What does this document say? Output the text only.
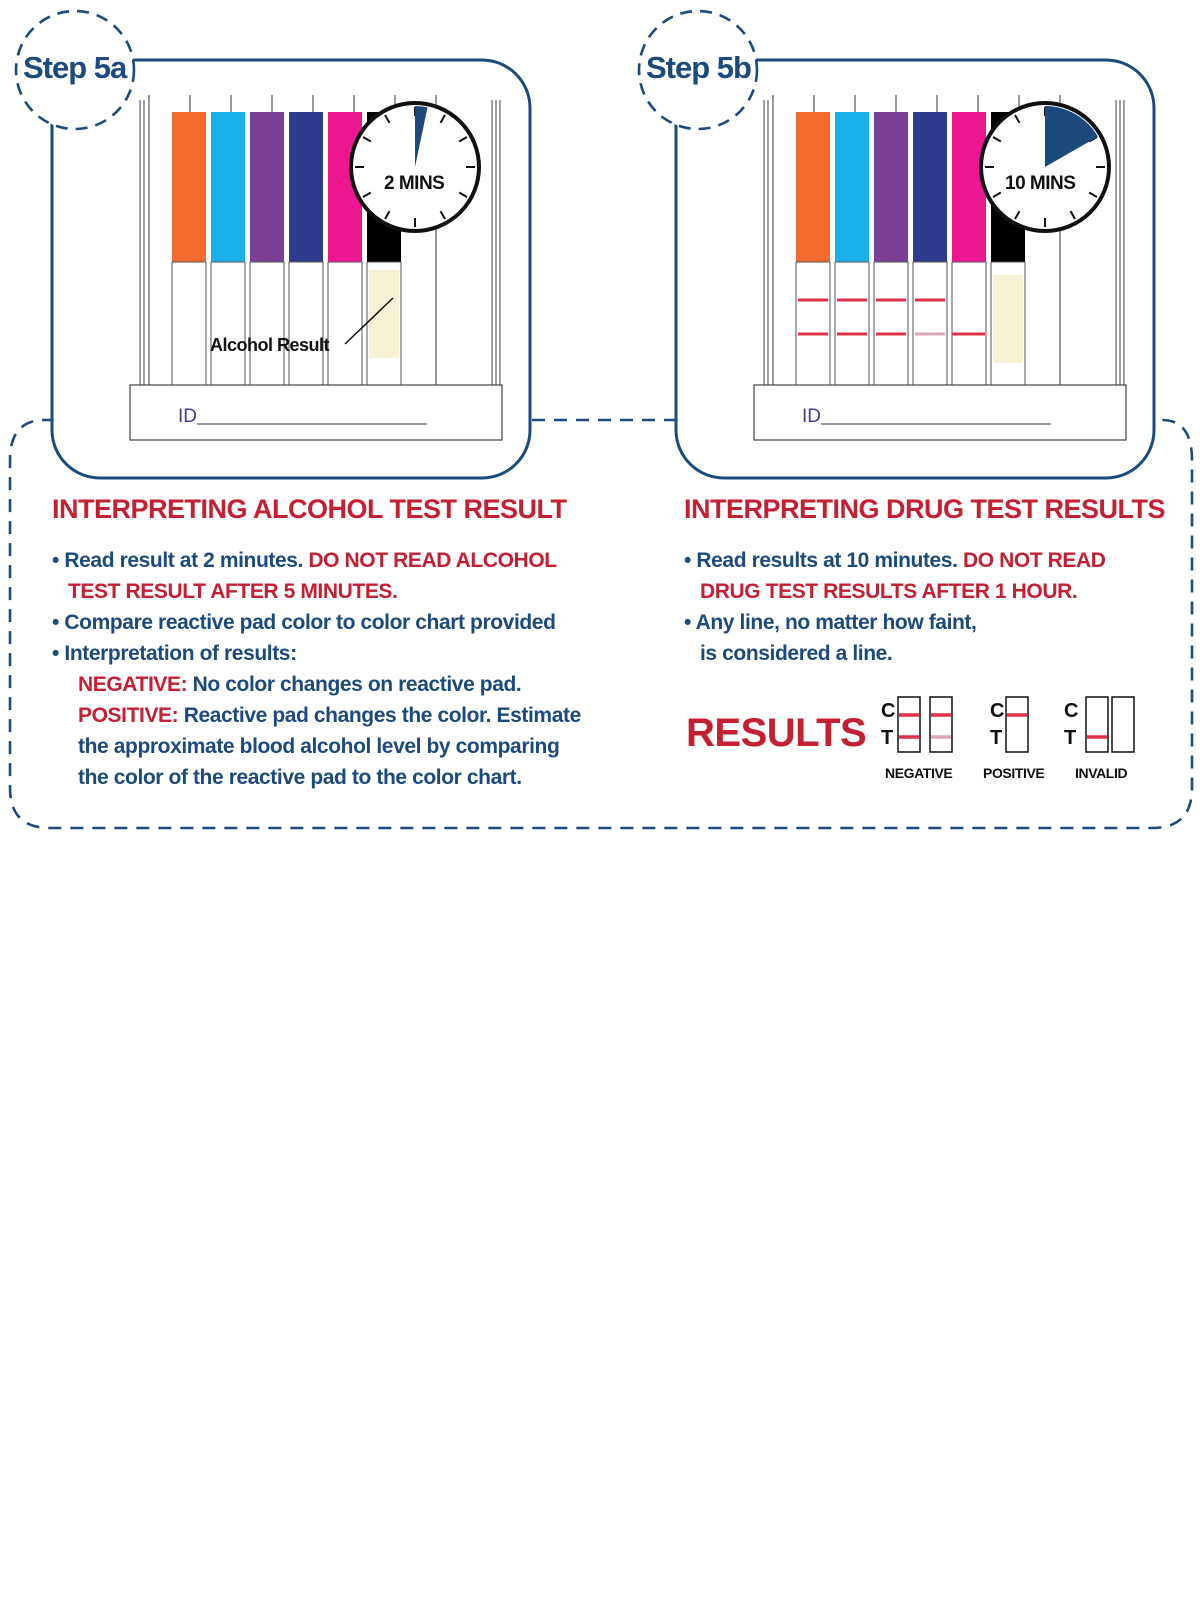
Step 5a	Step 5b
2 MINS	10 MINS
Alcohol Result
ID	ID
INTERPRETING ALCOHOL TEST RESULT
• Read result at 2 minutes. DO NOT READ ALCOHOL
TEST RESULT AFTER 5 MINUTES.
• Compare reactive pad color to color chart provided
• Interpretation of results:
NEGATIVE: No color changes on reactive pad.
POSITIVE: Reactive pad changes the color. Estimate
the approximate blood alcohol level by comparing
the color of the reactive pad to the color chart.
INTERPRETING DRUG TEST RESULTS
• Read results at 10 minutes. DO NOT READ
DRUG TEST RESULTS AFTER 1 HOUR.
• Any line, no matter how faint,
is considered a line.
RESULTS C
T
C
T
C
T
NEGATIVE POSITIVE INVALID
